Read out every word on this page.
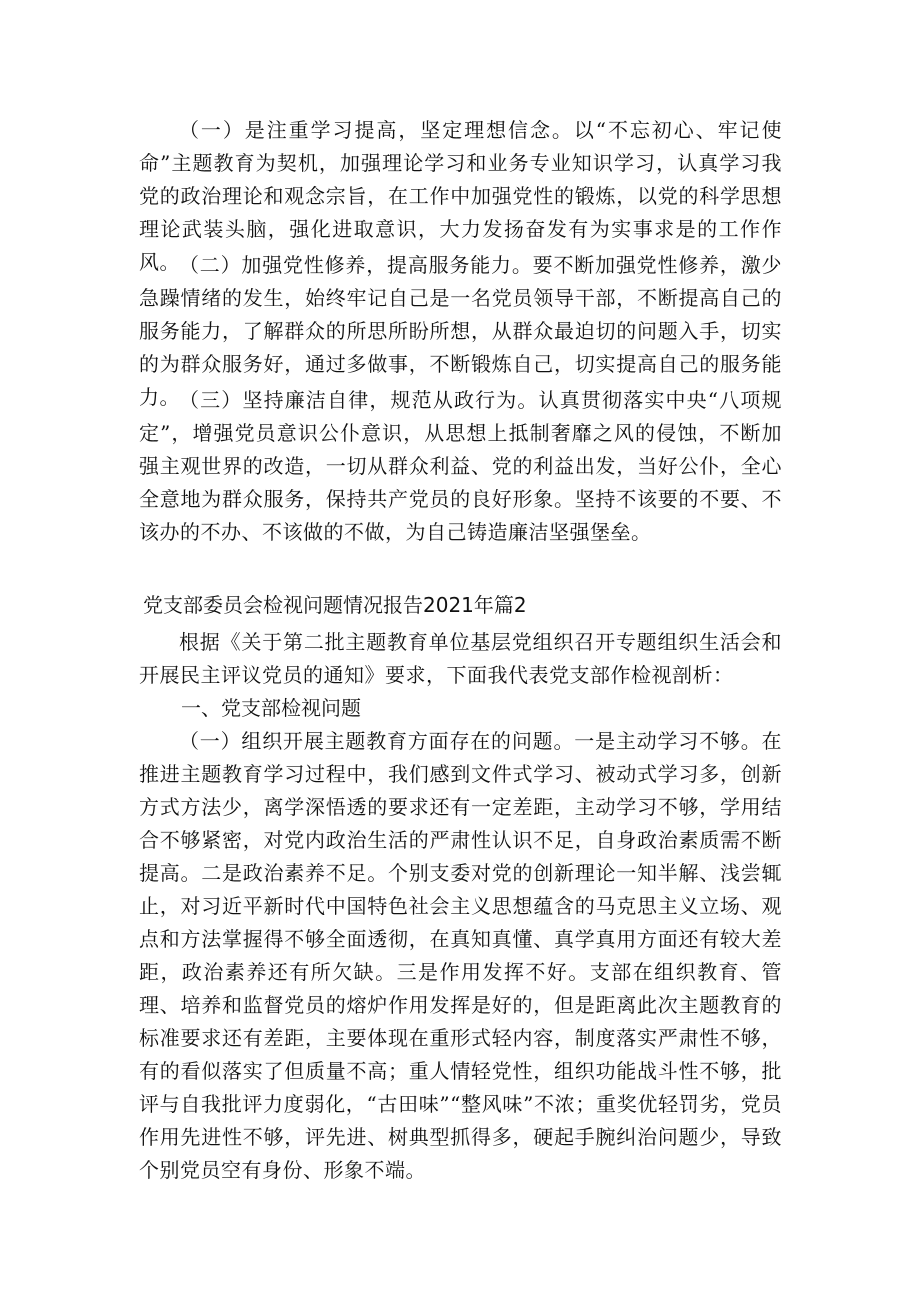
（一）是注重学习提高，坚定理想信念。以“不忘初心、牢记使命”主题教育为契机，加强理论学习和业务专业知识学习，认真学习我党的政治理论和观念宗旨，在工作中加强党性的锻炼，以党的科学思想理论武装头脑，强化进取意识，大力发扬奋发有为实事求是的工作作风。 （二）加强党性修养，提高服务能力。要不断加强党性修养，激少急躁情绪的发生，始终牢记自己是一名党员领导干部，不断提高自己的服务能力，了解群众的所思所盼所想，从群众最迫切的问题入手，切实的为群众服务好，通过多做事，不断锻炼自己，切实提高自己的服务能力。 （三）坚持廉洁自律，规范从政行为。认真贯彻落实中央“八项规定”，增强党员意识公仆意识，从思想上抵制奢靡之风的侵蚀，不断加强主观世界的改造，一切从群众利益、党的利益出发，当好公仆，全心全意地为群众服务，保持共产党员的良好形象。坚持不该要的不要、不该办的不办、不该做的不做，为自己铸造廉洁坚强堡垒。

党支部委员会检视问题情况报告2021年篇2

根据《关于第二批主题教育单位基层党组织召开专题组织生活会和开展民主评议党员的通知》要求，下面我代表党支部作检视剖析：

一、党支部检视问题

（一）组织开展主题教育方面存在的问题。一是主动学习不够。在推进主题教育学习过程中，我们感到文件式学习、被动式学习多，创新方式方法少，离学深悟透的要求还有一定差距，主动学习不够，学用结合不够紧密，对党内政治生活的严肃性认识不足，自身政治素质需不断提高。二是政治素养不足。个别支委对党的创新理论一知半解、浅尝辄止，对习近平新时代中国特色社会主义思想蕴含的马克思主义立场、观点和方法掌握得不够全面透彻，在真知真懂、真学真用方面还有较大差距，政治素养还有所欠缺。三是作用发挥不好。支部在组织教育、管理、培养和监督党员的熔炉作用发挥是好的，但是距离此次主题教育的标准要求还有差距，主要体现在重形式轻内容，制度落实严肃性不够，有的看似落实了但质量不高；重人情轻党性，组织功能战斗性不够，批评与自我批评力度弱化，“古田味”“整风味”不浓；重奖优轻罚劣，党员作用先进性不够，评先进、树典型抓得多，硬起手腕纠治问题少，导致个别党员空有身份、形象不端。
